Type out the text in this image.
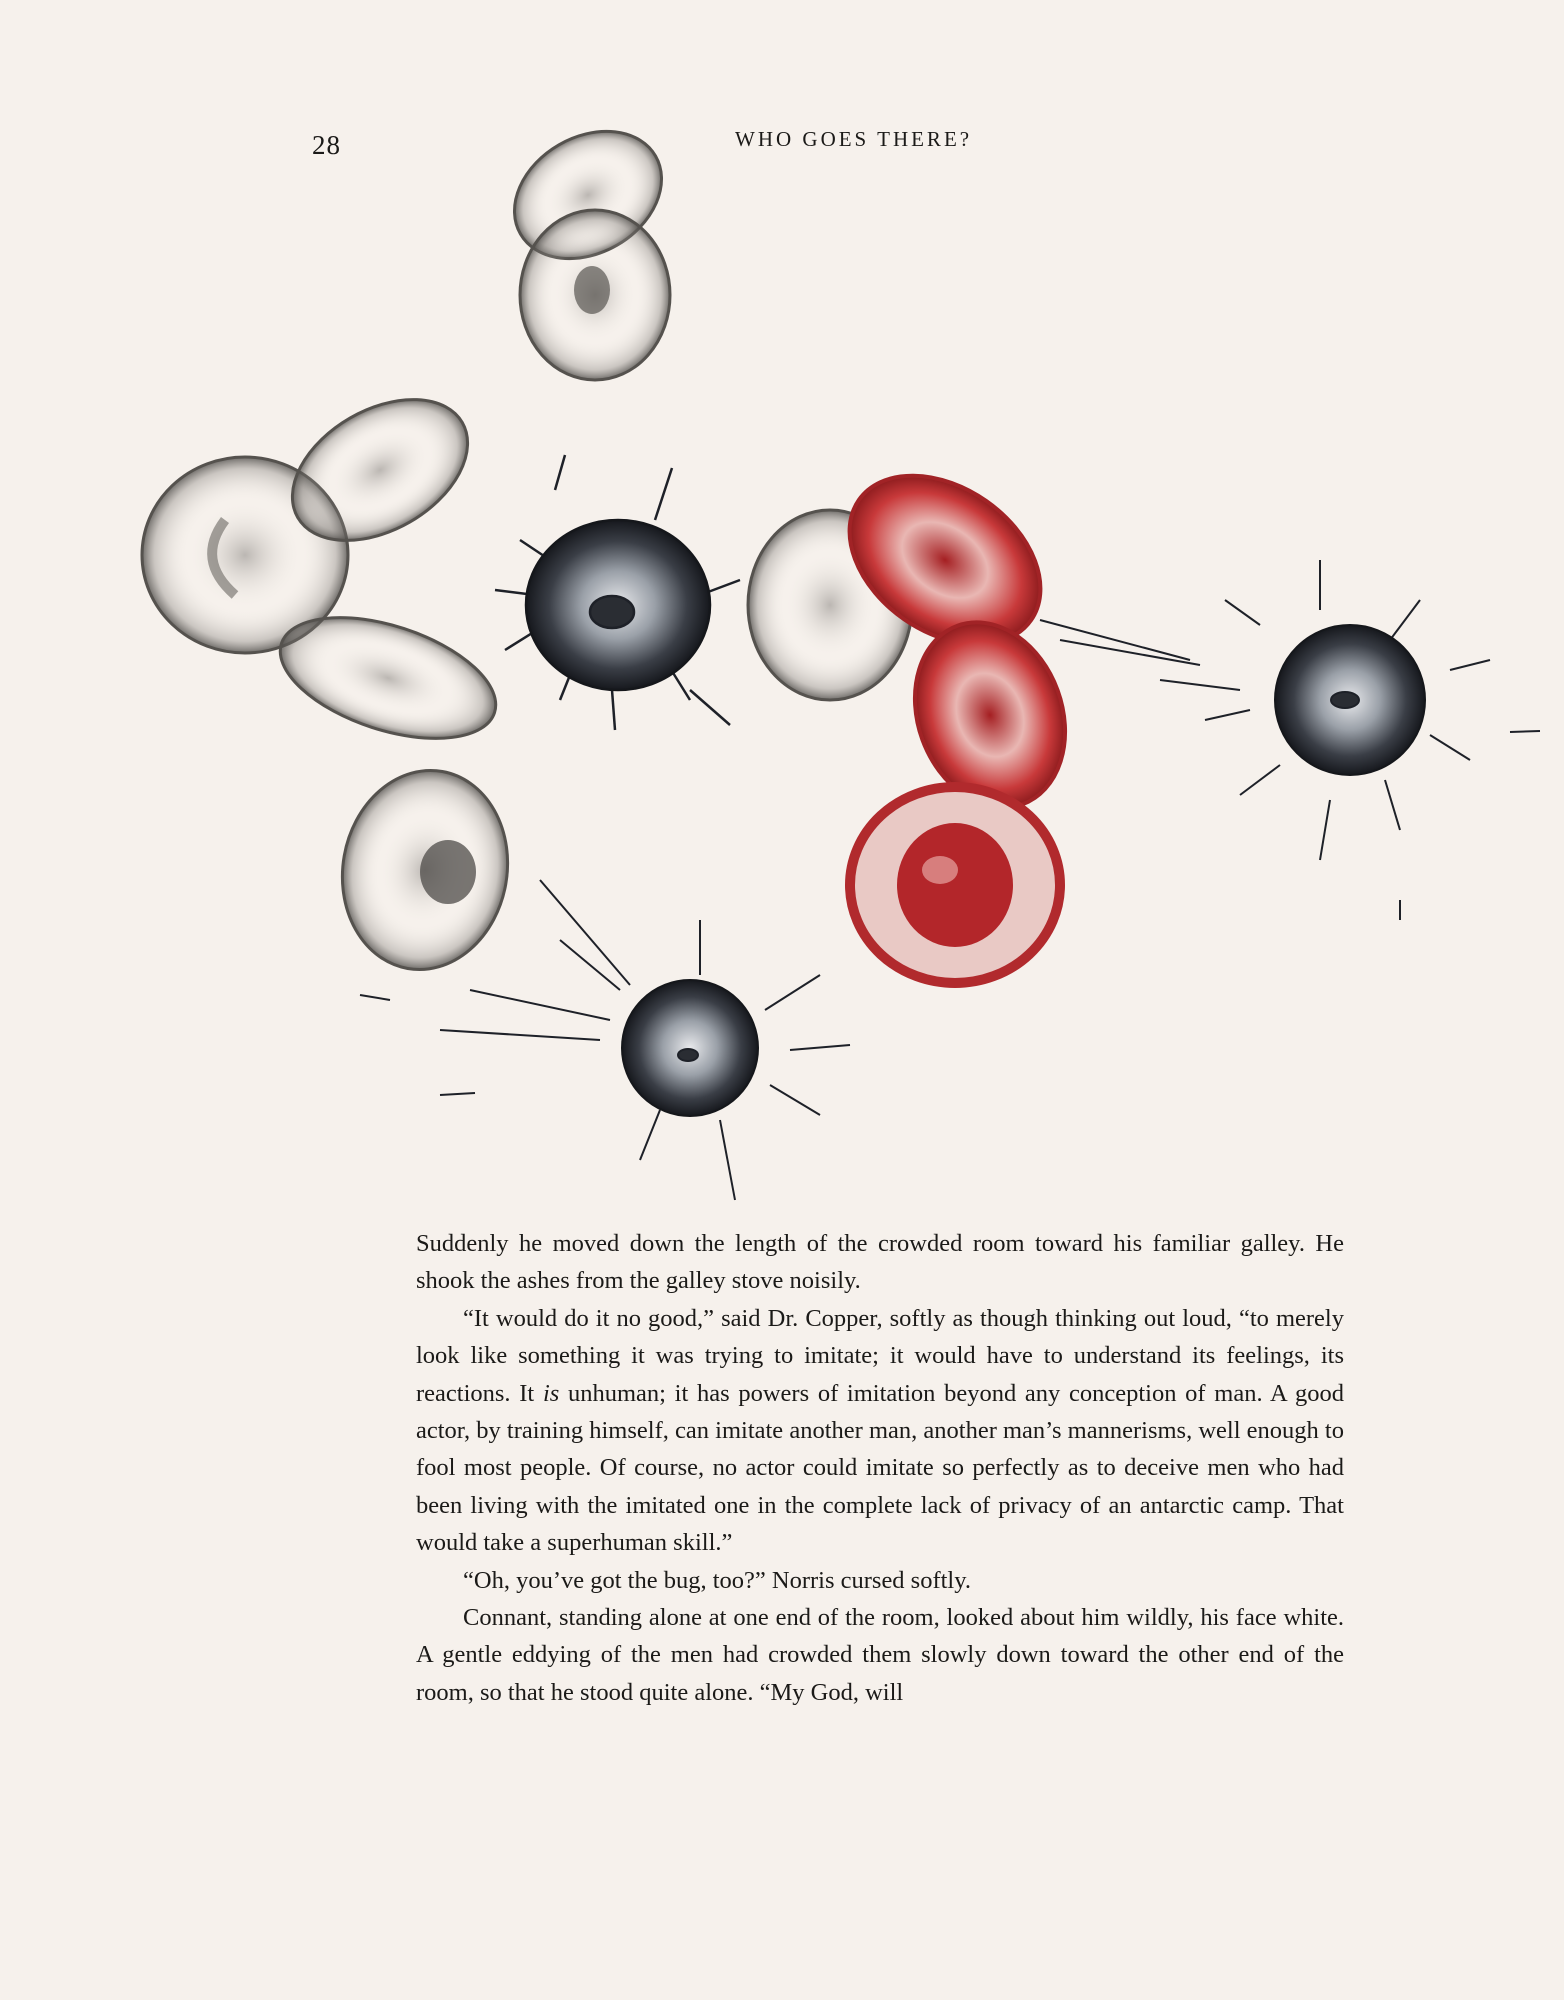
28	WHO GOES THERE?

Suddenly he moved down the length of the crowded room toward his familiar galley. He shook the ashes from the galley stove noisily.

“It would do it no good,” said Dr. Copper, softly as though thinking out loud, “to merely look like something it was trying to imitate; it would have to understand its feelings, its reactions. It is unhuman; it has powers of imitation beyond any conception of man. A good actor, by training himself, can imitate another man, another man’s mannerisms, well enough to fool most people. Of course, no actor could imitate so perfectly as to deceive men who had been living with the imitated one in the complete lack of privacy of an antarctic camp. That would take a superhuman skill.”

“Oh, you’ve got the bug, too?” Norris cursed softly.

Connant, standing alone at one end of the room, looked about him wildly, his face white. A gentle eddying of the men had crowded them slowly down toward the other end of the room, so that he stood quite alone. “My God, will
